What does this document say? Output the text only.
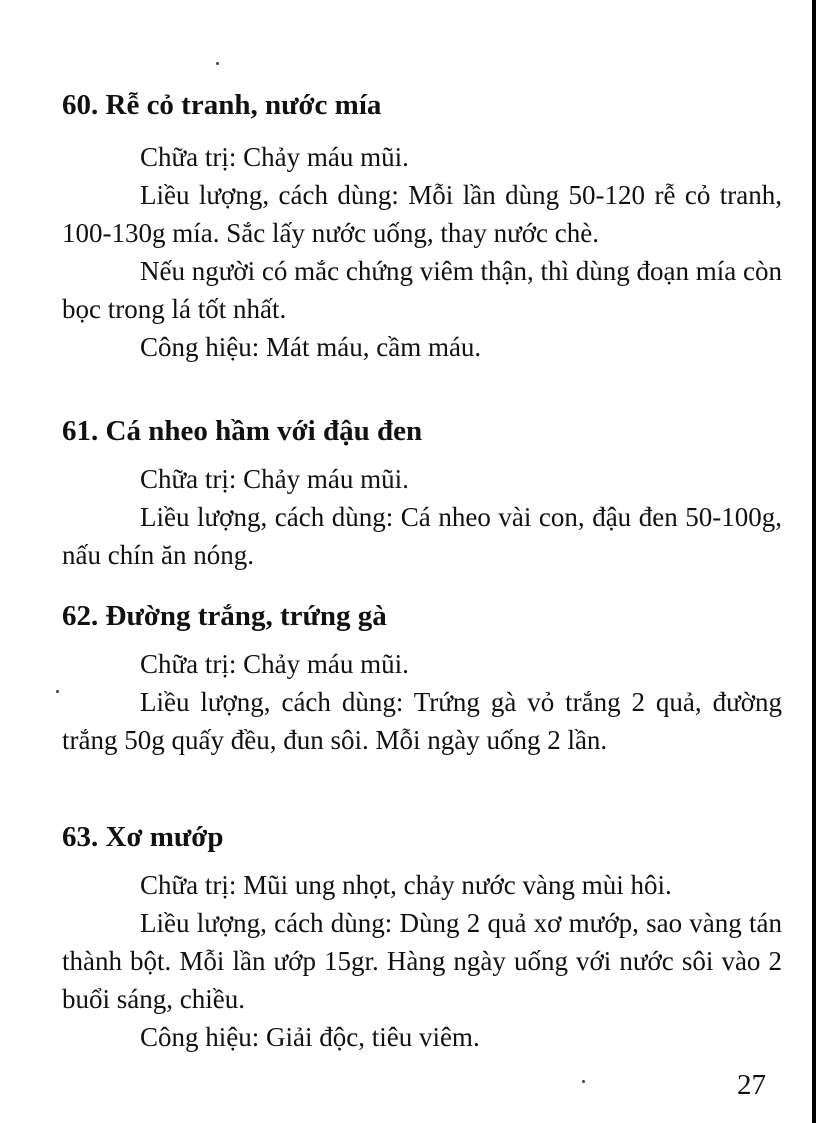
60. Rễ cỏ tranh, nước mía

Chữa trị: Chảy máu mũi.

Liều lượng, cách dùng: Mỗi lần dùng 50-120 rễ cỏ tranh, 100-130g mía. Sắc lấy nước uống, thay nước chè.

Nếu người có mắc chứng viêm thận, thì dùng đoạn mía còn bọc trong lá tốt nhất.

Công hiệu: Mát máu, cầm máu.

61. Cá nheo hầm với đậu đen

Chữa trị: Chảy máu mũi.

Liều lượng, cách dùng: Cá nheo vài con, đậu đen 50-100g, nấu chín ăn nóng.

62. Đường trắng, trứng gà

Chữa trị: Chảy máu mũi.

Liều lượng, cách dùng: Trứng gà vỏ trắng 2 quả, đường trắng 50g quấy đều, đun sôi. Mỗi ngày uống 2 lần.

63. Xơ mướp

Chữa trị: Mũi ung nhọt, chảy nước vàng mùi hôi.

Liều lượng, cách dùng: Dùng 2 quả xơ mướp, sao vàng tán thành bột. Mỗi lần ướp 15gr. Hàng ngày uống với nước sôi vào 2 buổi sáng, chiều.

Công hiệu: Giải độc, tiêu viêm.

27
